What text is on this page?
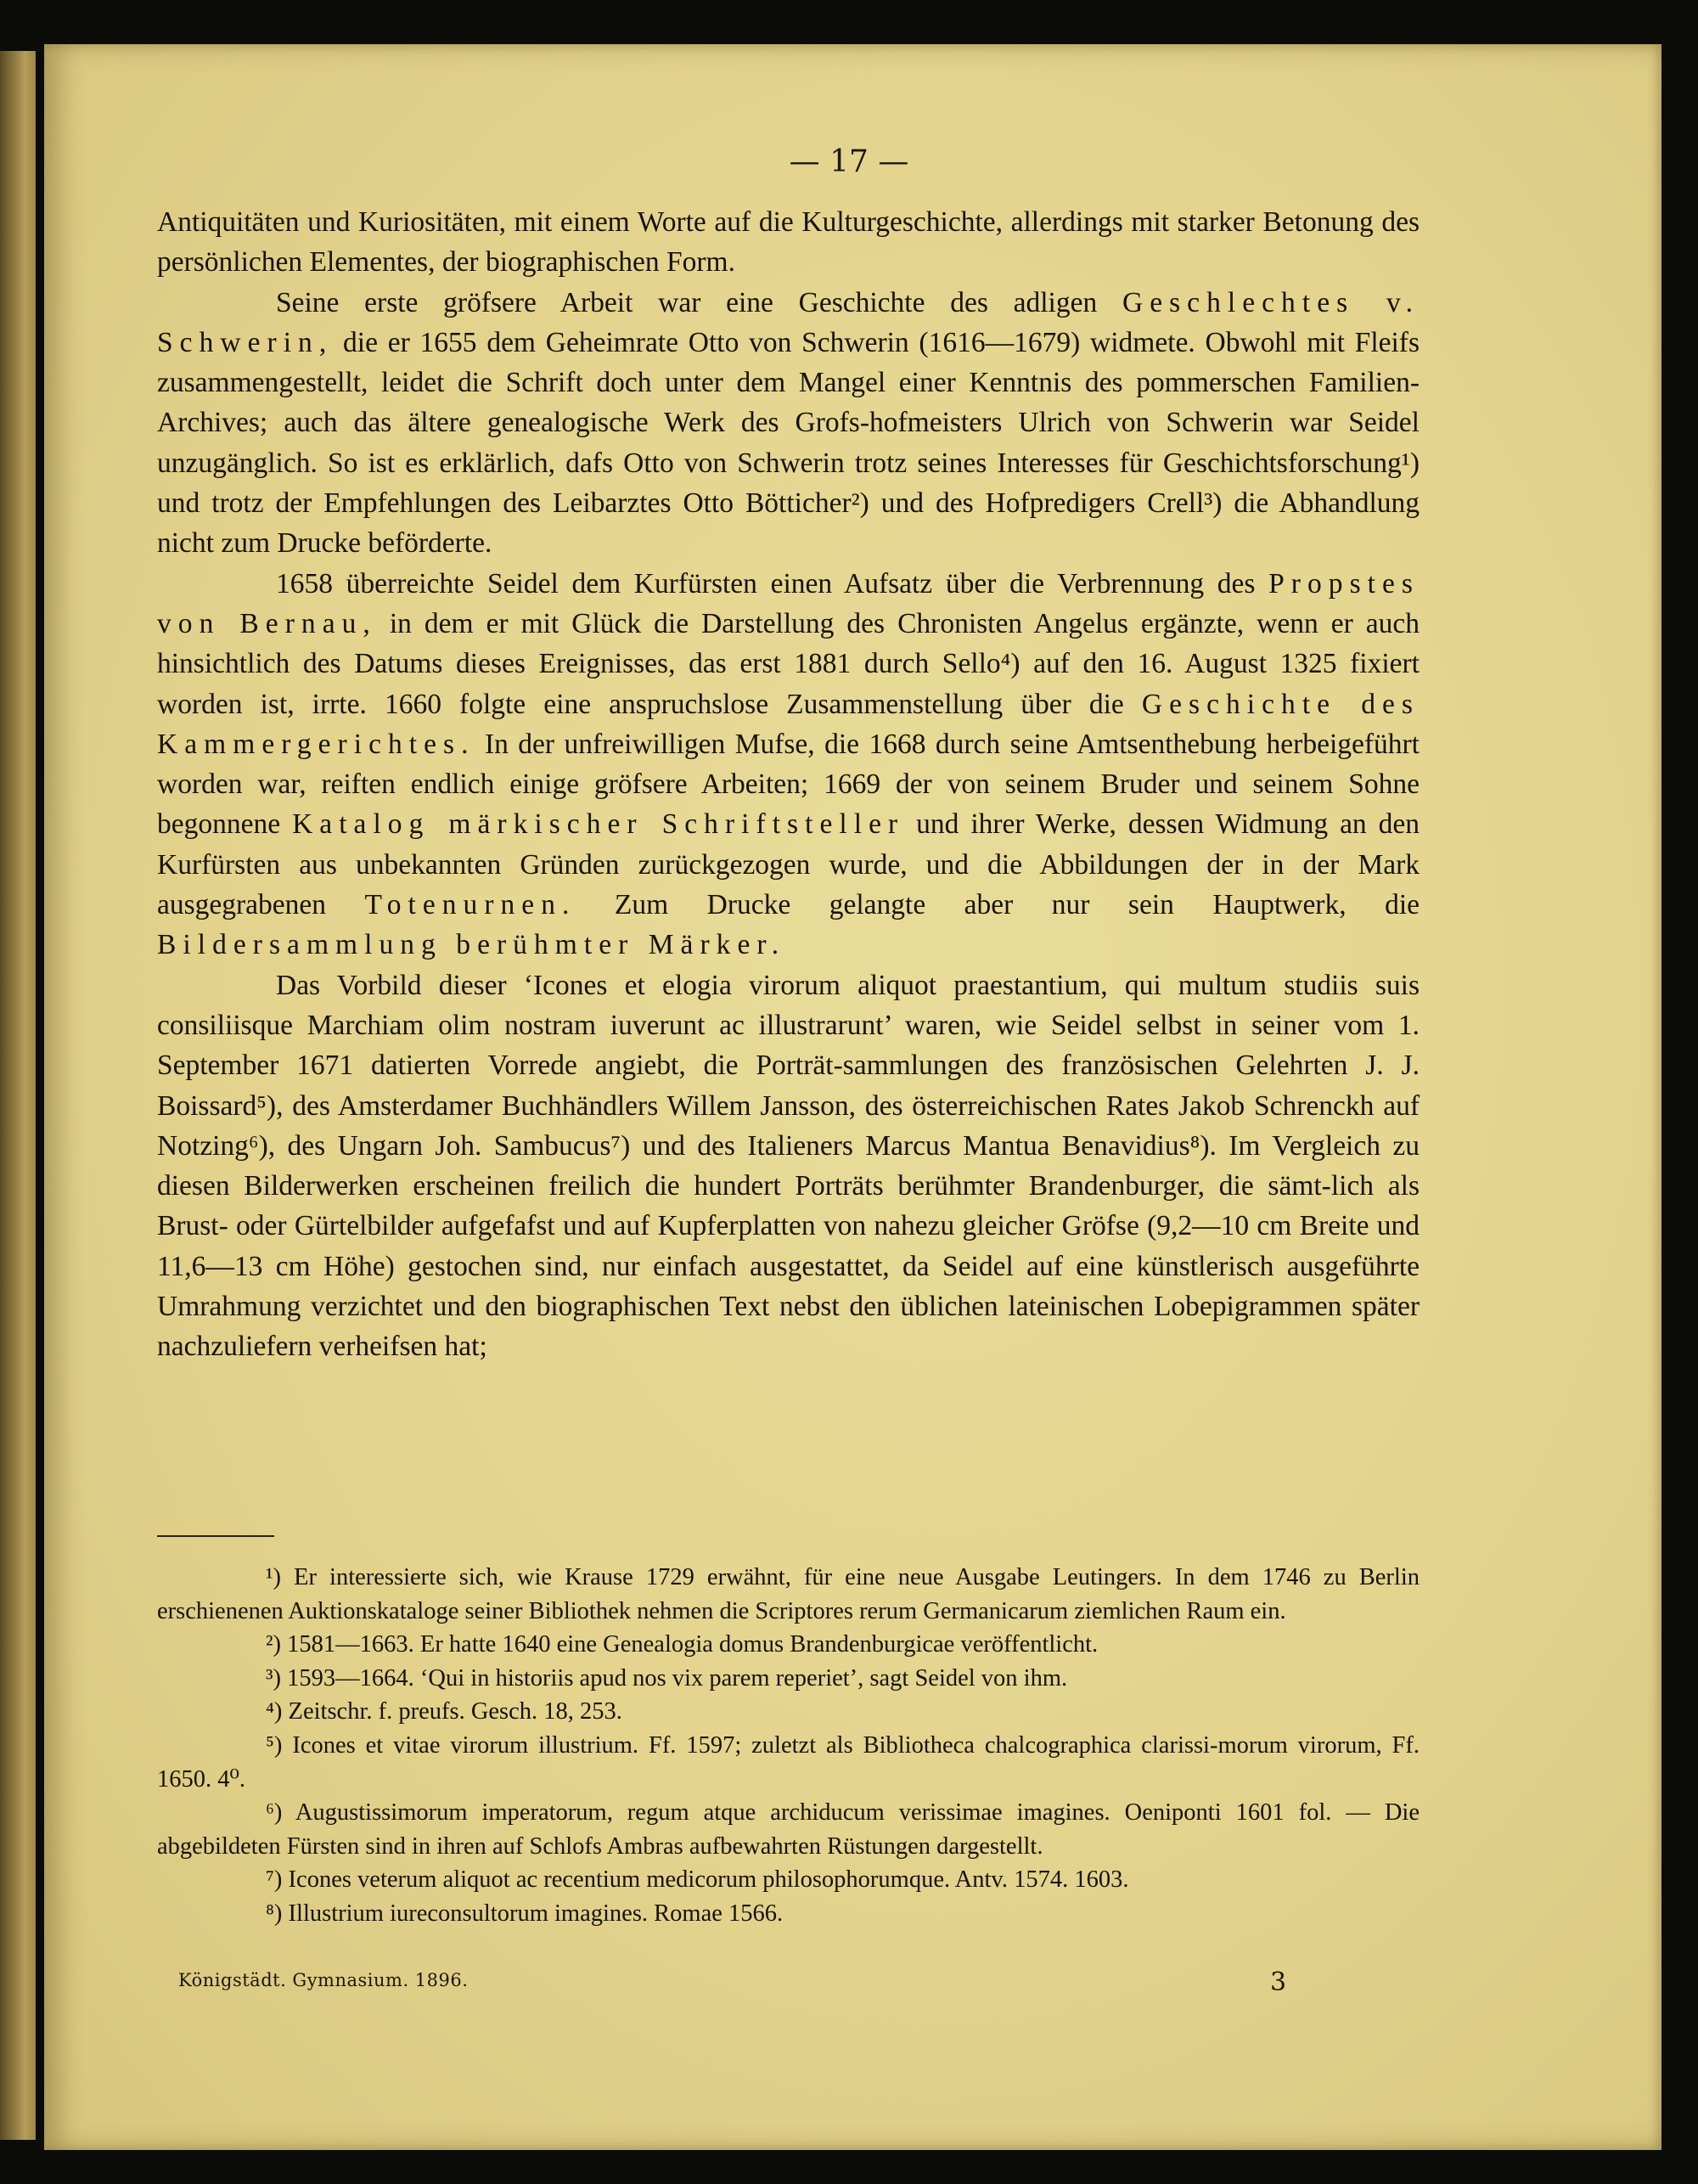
— 17 —

Antiquitäten und Kuriositäten, mit einem Worte auf die Kulturgeschichte, allerdings mit starker Betonung des persönlichen Elementes, der biographischen Form.

Seine erste gröfsere Arbeit war eine Geschichte des adligen Geschlechtes v. Schwerin, die er 1655 dem Geheimrate Otto von Schwerin (1616—1679) widmete. Obwohl mit Fleifs zusammengestellt, leidet die Schrift doch unter dem Mangel einer Kenntnis des pommerschen Familien-Archives; auch das ältere genealogische Werk des Grofs-hofmeisters Ulrich von Schwerin war Seidel unzugänglich. So ist es erklärlich, dafs Otto von Schwerin trotz seines Interesses für Geschichtsforschung¹) und trotz der Empfehlungen des Leibarztes Otto Bötticher²) und des Hofpredigers Crell³) die Abhandlung nicht zum Drucke beförderte.

1658 überreichte Seidel dem Kurfürsten einen Aufsatz über die Verbrennung des Propstes von Bernau, in dem er mit Glück die Darstellung des Chronisten Angelus ergänzte, wenn er auch hinsichtlich des Datums dieses Ereignisses, das erst 1881 durch Sello⁴) auf den 16. August 1325 fixiert worden ist, irrte. 1660 folgte eine anspruchslose Zusammenstellung über die Geschichte des Kammergerichtes. In der unfreiwilligen Mufse, die 1668 durch seine Amtsenthebung herbeigeführt worden war, reiften endlich einige gröfsere Arbeiten; 1669 der von seinem Bruder und seinem Sohne begonnene Katalog märkischer Schriftsteller und ihrer Werke, dessen Widmung an den Kurfürsten aus unbekannten Gründen zurückgezogen wurde, und die Abbildungen der in der Mark ausgegrabenen Totenurnen. Zum Drucke gelangte aber nur sein Hauptwerk, die Bildersammlung berühmter Märker.

Das Vorbild dieser ‘Icones et elogia virorum aliquot praestantium, qui multum studiis suis consiliisque Marchiam olim nostram iuverunt ac illustrarunt’ waren, wie Seidel selbst in seiner vom 1. September 1671 datierten Vorrede angiebt, die Porträt-sammlungen des französischen Gelehrten J. J. Boissard⁵), des Amsterdamer Buchhändlers Willem Jansson, des österreichischen Rates Jakob Schrenckh auf Notzing⁶), des Ungarn Joh. Sambucus⁷) und des Italieners Marcus Mantua Benavidius⁸). Im Vergleich zu diesen Bilderwerken erscheinen freilich die hundert Porträts berühmter Brandenburger, die sämt-lich als Brust- oder Gürtelbilder aufgefafst und auf Kupferplatten von nahezu gleicher Gröfse (9,2—10 cm Breite und 11,6—13 cm Höhe) gestochen sind, nur einfach ausgestattet, da Seidel auf eine künstlerisch ausgeführte Umrahmung verzichtet und den biographischen Text nebst den üblichen lateinischen Lobepigrammen später nachzuliefern verheifsen hat;

¹) Er interessierte sich, wie Krause 1729 erwähnt, für eine neue Ausgabe Leutingers. In dem 1746 zu Berlin erschienenen Auktionskataloge seiner Bibliothek nehmen die Scriptores rerum Germanicarum ziemlichen Raum ein.

²) 1581—1663. Er hatte 1640 eine Genealogia domus Brandenburgicae veröffentlicht.

³) 1593—1664. ‘Qui in historiis apud nos vix parem reperiet’, sagt Seidel von ihm.

⁴) Zeitschr. f. preufs. Gesch. 18, 253.

⁵) Icones et vitae virorum illustrium. Ff. 1597; zuletzt als Bibliotheca chalcographica clarissi-morum virorum, Ff. 1650. 4⁰.

⁶) Augustissimorum imperatorum, regum atque archiducum verissimae imagines. Oeniponti 1601 fol. — Die abgebildeten Fürsten sind in ihren auf Schlofs Ambras aufbewahrten Rüstungen dargestellt.

⁷) Icones veterum aliquot ac recentium medicorum philosophorumque. Antv. 1574. 1603.

⁸) Illustrium iureconsultorum imagines. Romae 1566.

Königstädt. Gymnasium. 1896.	3
